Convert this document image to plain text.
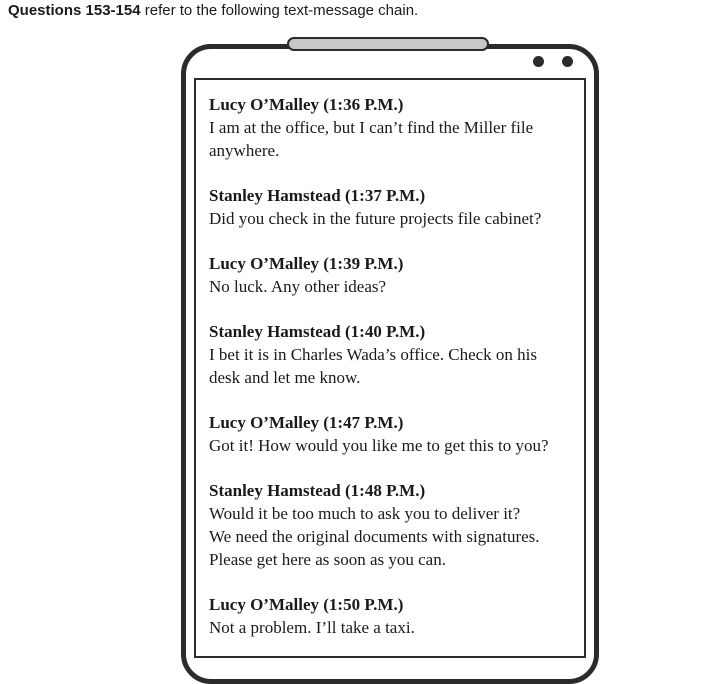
Questions 153-154 refer to the following text-message chain.
Lucy O’Malley (1:36 P.M.)
I am at the office, but I can’t find the Miller file
anywhere.
Stanley Hamstead (1:37 P.M.)
Did you check in the future projects file cabinet?
Lucy O’Malley (1:39 P.M.)
No luck. Any other ideas?
Stanley Hamstead (1:40 P.M.)
I bet it is in Charles Wada’s office. Check on his
desk and let me know.
Lucy O’Malley (1:47 P.M.)
Got it! How would you like me to get this to you?
Stanley Hamstead (1:48 P.M.)
Would it be too much to ask you to deliver it?
We need the original documents with signatures.
Please get here as soon as you can.
Lucy O’Malley (1:50 P.M.)
Not a problem. I’ll take a taxi.
